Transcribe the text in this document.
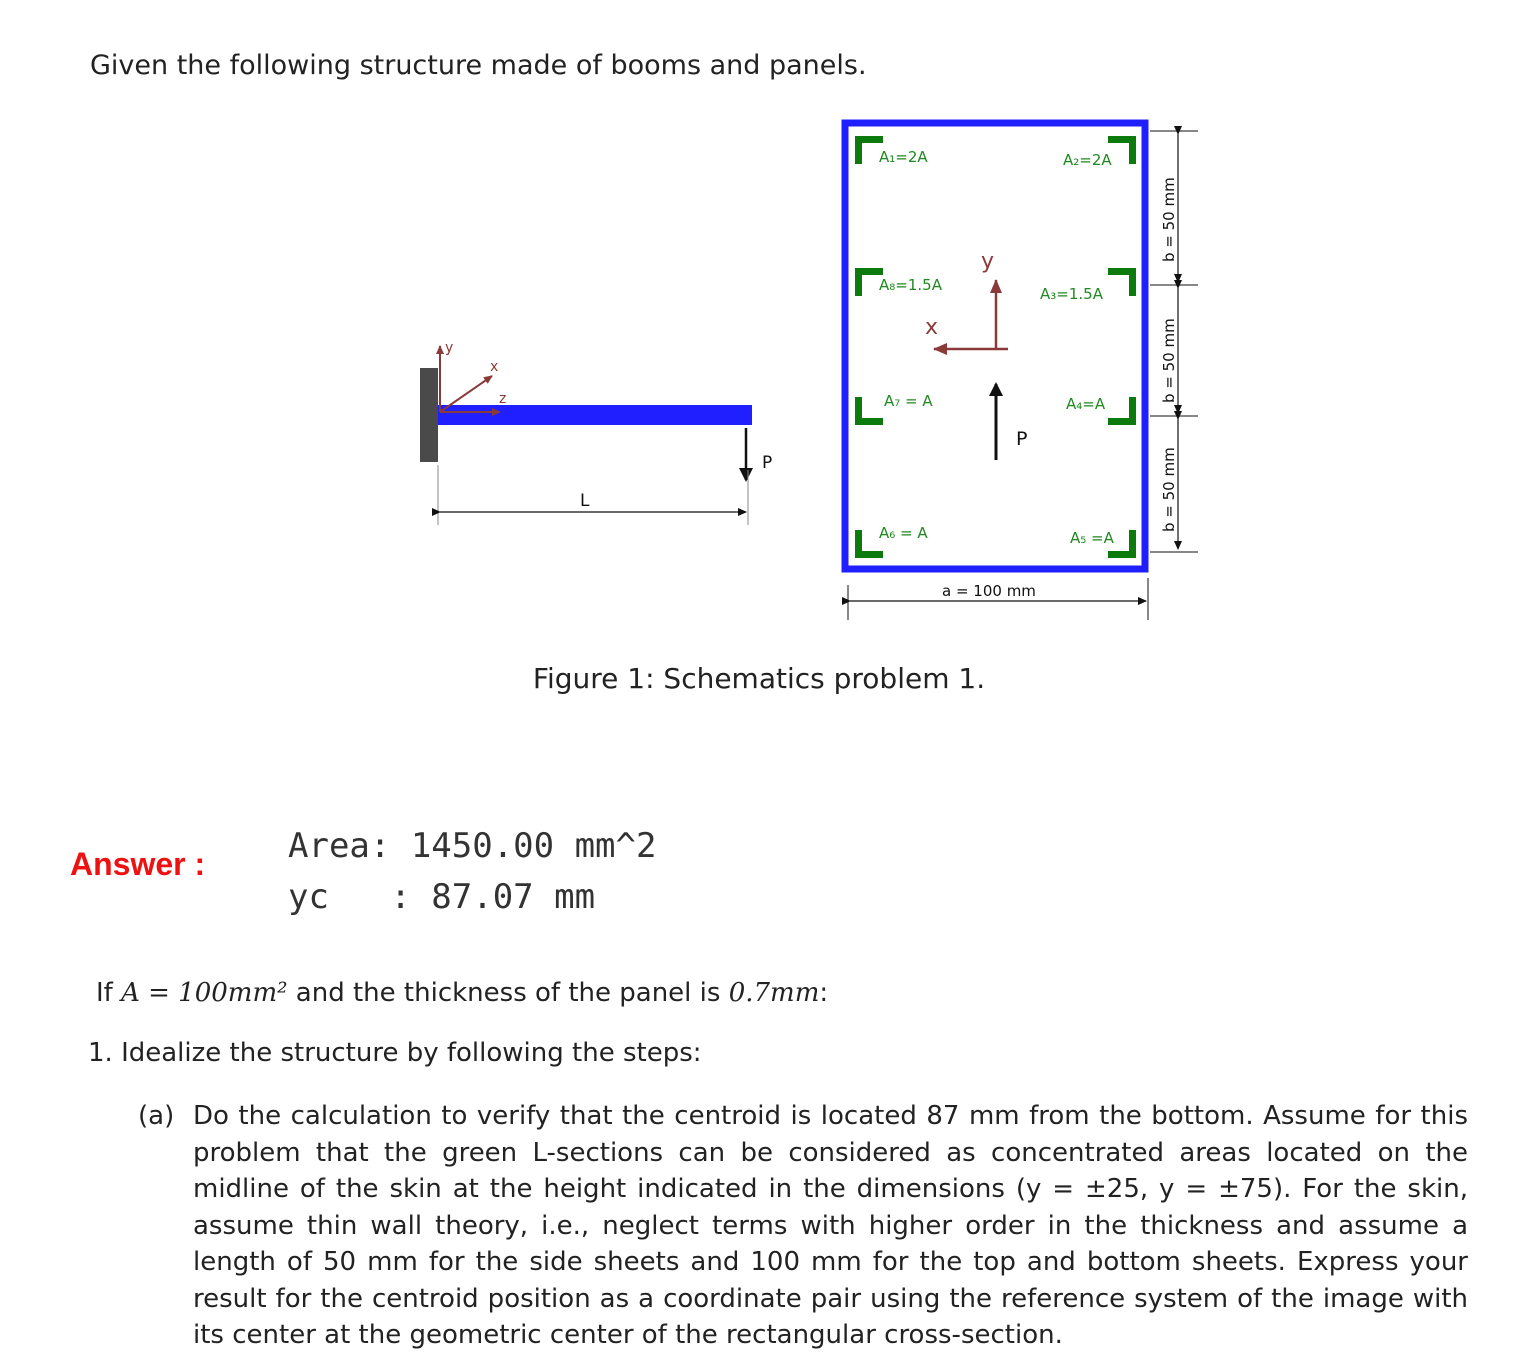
Given the following structure made of booms and panels.
y
x
z
P
L
A₁=2A	A₂=2A
A₃=1.5A
A₄=A
A₅ =A
A₆ = A
A₇ = A
A₈=1.5A
y
x
P
a = 100 mm
b = 50 mm
b = 50 mm
b = 50 mm
Figure 1: Schematics problem 1.
Answer : Area: 1450.00 mm^2
yc   : 87.07 mm
If A = 100mm² and the thickness of the panel is 0.7mm:
1. Idealize the structure by following the steps:
(a) Do the calculation to verify that the centroid is located 87 mm from the bottom. Assume for this problem that the green L-sections can be considered as concentrated areas located on the midline of the skin at the height indicated in the dimensions (y = ±25, y = ±75). For the skin, assume thin wall theory, i.e., neglect terms with higher order in the thickness and assume a length of 50 mm for the side sheets and 100 mm for the top and bottom sheets. Express your result for the centroid position as a coordinate pair using the reference system of the image with its center at the geometric center of the rectangular cross-section.
